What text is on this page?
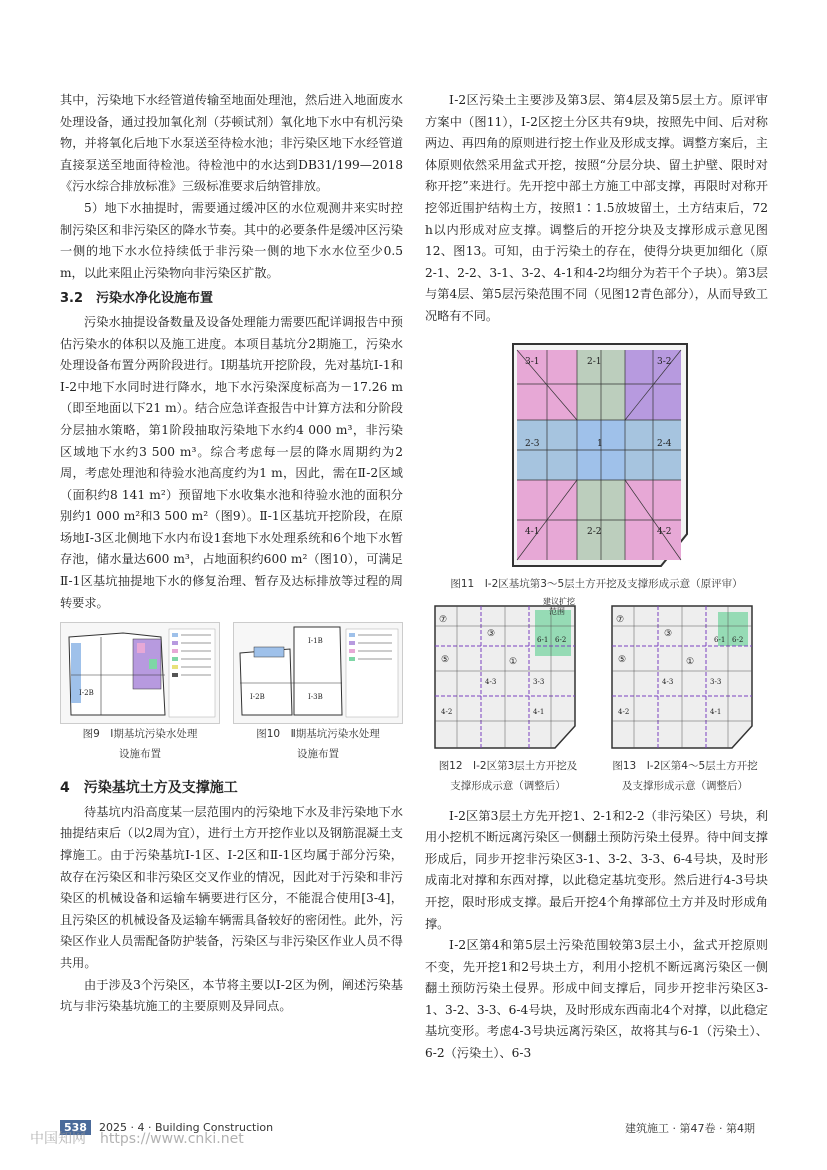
其中，污染地下水经管道传输至地面处理池，然后进入地面废水处理设备，通过投加氧化剂（芬顿试剂）氧化地下水中有机污染物，并将氧化后地下水泵送至待检水池；非污染区地下水经管道直接泵送至地面待检池。待检池中的水达到DB31/199—2018《污水综合排放标准》三级标准要求后纳管排放。

5）地下水抽提时，需要通过缓冲区的水位观测井来实时控制污染区和非污染区的降水节奏。其中的必要条件是缓冲区污染一侧的地下水水位持续低于非污染一侧的地下水水位至少0.5 m，以此来阻止污染物向非污染区扩散。

3.2　污染水净化设施布置

污染水抽提设备数量及设备处理能力需要匹配详调报告中预估污染水的体积以及施工进度。本项目基坑分2期施工，污染水处理设备布置分两阶段进行。Ⅰ期基坑开挖阶段，先对基坑Ⅰ-1和Ⅰ-2中地下水同时进行降水，地下水污染深度标高为－17.26 m（即至地面以下21 m）。结合应急详查报告中计算方法和分阶段分层抽水策略，第1阶段抽取污染地下水约4 000 m³，非污染区域地下水约3 500 m³。综合考虑每一层的降水周期约为2周，考虑处理池和待验水池高度约为1 m，因此，需在Ⅱ-2区域（面积约8 141 m²）预留地下水收集水池和待验水池的面积分别约1 000 m²和3 500 m²（图9）。Ⅱ-1区基坑开挖阶段，在原场地Ⅰ-3区北侧地下水内布设1套地下水处理系统和6个地下水暂存池，储水量达600 m³，占地面积约600 m²（图10），可满足Ⅱ-1区基坑抽提地下水的修复治理、暂存及达标排放等过程的周转要求。

I-2B
图9　Ⅰ期基坑污染水处理
设施布置
I-1B
I-2B	I-3B
图10　Ⅱ期基坑污染水处理
设施布置
4　污染基坑土方及支撑施工

待基坑内沿高度某一层范围内的污染地下水及非污染地下水抽提结束后（以2周为宜），进行土方开挖作业以及钢筋混凝土支撑施工。由于污染基坑Ⅰ-1区、Ⅰ-2区和Ⅱ-1区均属于部分污染，故存在污染区和非污染区交叉作业的情况，因此对于污染和非污染区的机械设备和运输车辆要进行区分，不能混合使用[3-4]，且污染区的机械设备及运输车辆需具备较好的密闭性。此外，污染区作业人员需配备防护装备，污染区与非污染区作业人员不得共用。

由于涉及3个污染区，本节将主要以Ⅰ-2区为例，阐述污染基坑与非污染基坑施工的主要原则及异同点。

Ⅰ-2区污染土主要涉及第3层、第4层及第5层土方。原评审方案中（图11），Ⅰ-2区挖土分区共有9块，按照先中间、后对称两边、再四角的原则进行挖土作业及形成支撑。调整方案后，主体原则依然采用盆式开挖，按照“分层分块、留土护壁、限时对称开挖”来进行。先开挖中部土方施工中部支撑，再限时对称开挖邻近围护结构土方，按照1∶1.5放坡留土，土方结束后，72 h以内形成对应支撑。调整后的开挖分块及支撑形成示意见图12、图13。可知，由于污染土的存在，使得分块更加细化（原2-1、2-2、3-1、3-2、4-1和4-2均细分为若干个子块）。第3层与第4层、第5层污染范围不同（见图12青色部分），从而导致工况略有不同。

3-1	2-1	3-2
2-3	1	2-4
4-1	2-2	4-2
图11　Ⅰ-2区基坑第3～5层土方开挖及支撑形成示意（原评审）
建议扩挖
范围
⑦
6-1 6-2
③
⑤
4-3	3-3
①
4-2	4-1
图12　Ⅰ-2区第3层土方开挖及
支撑形成示意（调整后）
⑦
6-1 6-2
③
⑤
4-3	3-3
①
4-2	4-1
图13　Ⅰ-2区第4～5层土方开挖
及支撑形成示意（调整后）

Ⅰ-2区第3层土方先开挖1、2-1和2-2（非污染区）号块，利用小挖机不断远离污染区一侧翻土预防污染土侵界。待中间支撑形成后，同步开挖非污染区3-1、3-2、3-3、6-4号块，及时形成南北对撑和东西对撑，以此稳定基坑变形。然后进行4-3号块开挖，限时形成支撑。最后开挖4个角撑部位土方并及时形成角撑。

Ⅰ-2区第4和第5层土污染范围较第3层土小，盆式开挖原则不变，先开挖1和2号块土方，利用小挖机不断远离污染区一侧翻土预防污染土侵界。形成中间支撑后，同步开挖非污染区3-1、3-2、3-3、6-4号块，及时形成东西南北4个对撑，以此稳定基坑变形。考虑4-3号块远离污染区，故将其与6-1（污染土）、6-2（污染土）、6-3

538 2025 · 4 · Building Construction	建筑施工 · 第47卷 · 第4期
中国知网　https://www.cnki.net
